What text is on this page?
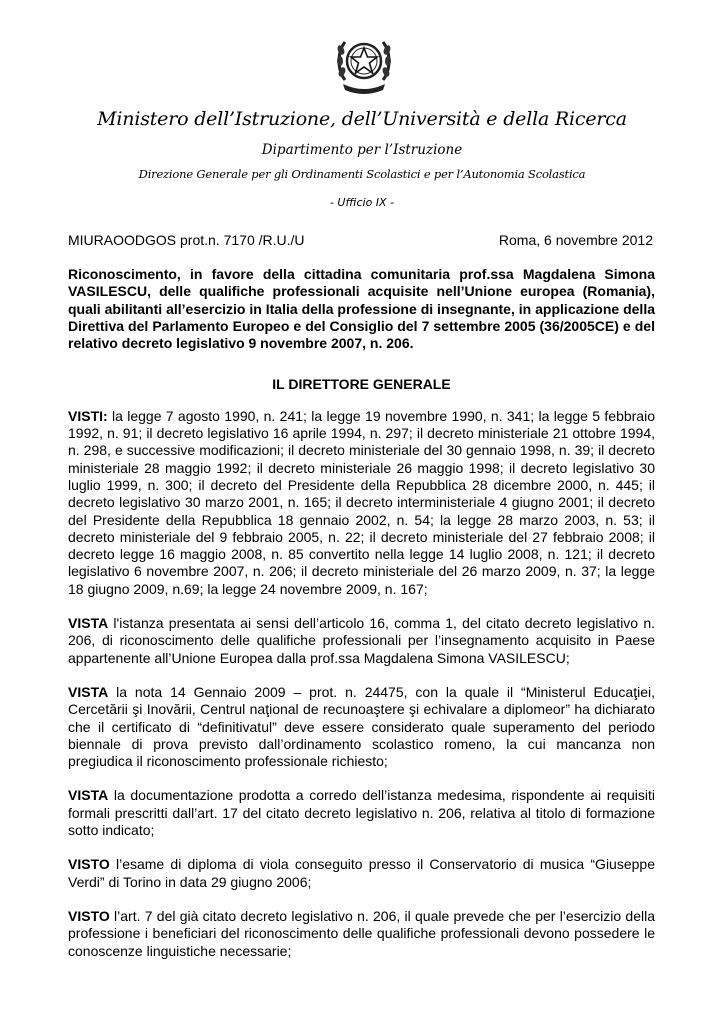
Ministero dell’Istruzione, dell’Università e della Ricerca
Dipartimento per l’Istruzione
Direzione Generale per gli Ordinamenti Scolastici e per l’Autonomia Scolastica
- Ufficio IX -
MIURAOODGOS prot.n. 7170 /R.U./U	Roma, 6 novembre 2012

Riconoscimento, in favore della cittadina comunitaria prof.ssa Magdalena Simona VASILESCU, delle qualifiche professionali acquisite nell’Unione europea (Romania), quali abilitanti all’esercizio in Italia della professione di insegnante, in applicazione della Direttiva del Parlamento Europeo e del Consiglio del 7 settembre 2005 (36/2005CE) e del relativo decreto legislativo 9 novembre 2007, n. 206.

IL DIRETTORE GENERALE

VISTI: la legge 7 agosto 1990, n. 241; la legge 19 novembre 1990, n. 341; la legge 5 febbraio 1992, n. 91; il decreto legislativo 16 aprile 1994, n. 297; il decreto ministeriale 21 ottobre 1994, n. 298, e successive modificazioni; il decreto ministeriale del 30 gennaio 1998, n. 39; il decreto ministeriale 28 maggio 1992; il decreto ministeriale 26 maggio 1998; il decreto legislativo 30 luglio 1999, n. 300; il decreto del Presidente della Repubblica 28 dicembre 2000, n. 445; il decreto legislativo 30 marzo 2001, n. 165; il decreto interministeriale 4 giugno 2001; il decreto del Presidente della Repubblica 18 gennaio 2002, n. 54; la legge 28 marzo 2003, n. 53; il decreto ministeriale del 9 febbraio 2005, n. 22; il decreto ministeriale del 27 febbraio 2008; il decreto legge 16 maggio 2008, n. 85 convertito nella legge 14 luglio 2008, n. 121; il decreto legislativo 6 novembre 2007, n. 206; il decreto ministeriale del 26 marzo 2009, n. 37; la legge 18 giugno 2009, n.69; la legge 24 novembre 2009, n. 167;

VISTA l'istanza presentata ai sensi dell’articolo 16, comma 1, del citato decreto legislativo n. 206, di riconoscimento delle qualifiche professionali per l’insegnamento acquisito in Paese appartenente all’Unione Europea dalla prof.ssa Magdalena Simona VASILESCU;

VISTA la nota 14 Gennaio 2009 – prot. n. 24475, con la quale il “Ministerul Educaţiei, Cercetării şi Inovării, Centrul naţional de recunoaştere şi echivalare a diplomeor” ha dichiarato che il certificato di “definitivatul” deve essere considerato quale superamento del periodo biennale di prova previsto dall’ordinamento scolastico romeno, la cui mancanza non pregiudica il riconoscimento professionale richiesto;

VISTA la documentazione prodotta a corredo dell’istanza medesima, rispondente ai requisiti formali prescritti dall’art. 17 del citato decreto legislativo n. 206, relativa al titolo di formazione sotto indicato;

VISTO l’esame di diploma di viola conseguito presso il Conservatorio di musica “Giuseppe Verdi” di Torino in data 29 giugno 2006;

VISTO l’art. 7 del già citato decreto legislativo n. 206, il quale prevede che per l’esercizio della professione i beneficiari del riconoscimento delle qualifiche professionali devono possedere le conoscenze linguistiche necessarie;
